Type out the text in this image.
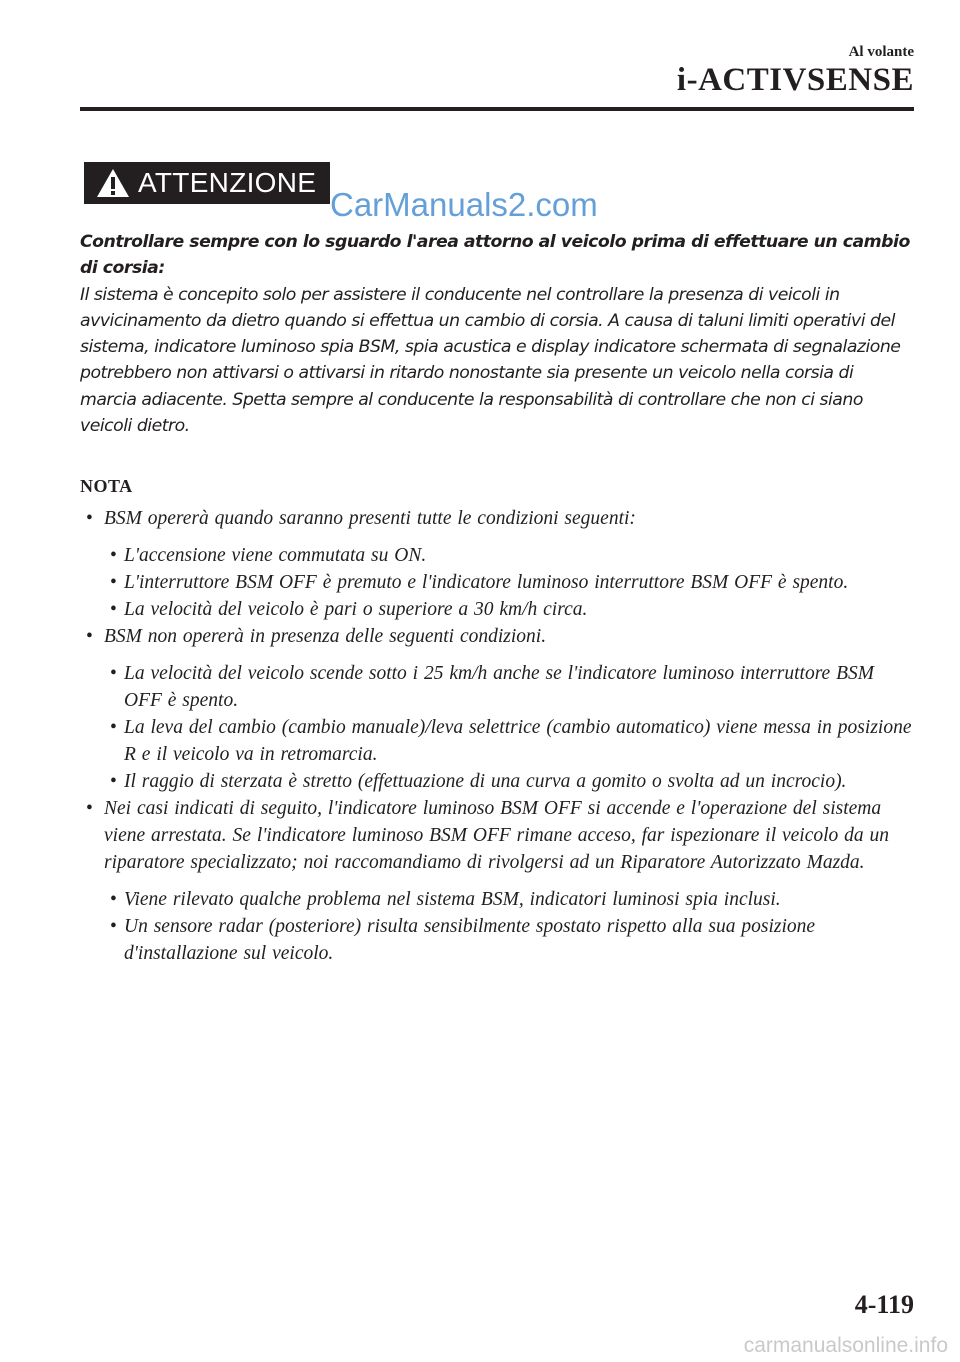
Al volante
i-ACTIVSENSE
ATTENZIONE
CarManuals2.com

Controllare sempre con lo sguardo l'area attorno al veicolo prima di effettuare un cambio di corsia:

Il sistema è concepito solo per assistere il conducente nel controllare la presenza di veicoli in avvicinamento da dietro quando si effettua un cambio di corsia. A causa di taluni limiti operativi del sistema, indicatore luminoso spia BSM, spia acustica e display indicatore schermata di segnalazione potrebbero non attivarsi o attivarsi in ritardo nonostante sia presente un veicolo nella corsia di marcia adiacente. Spetta sempre al conducente la responsabilità di controllare che non ci siano veicoli dietro.

NOTA
• BSM opererà quando saranno presenti tutte le condizioni seguenti:
• L'accensione viene commutata su ON.
• L'interruttore BSM OFF è premuto e l'indicatore luminoso interruttore BSM OFF è spento.
• La velocità del veicolo è pari o superiore a 30 km/h circa.
• BSM non opererà in presenza delle seguenti condizioni.
• La velocità del veicolo scende sotto i 25 km/h anche se l'indicatore luminoso interruttore BSM OFF è spento.
• La leva del cambio (cambio manuale)/leva selettrice (cambio automatico) viene messa in posizione R e il veicolo va in retromarcia.
• Il raggio di sterzata è stretto (effettuazione di una curva a gomito o svolta ad un incrocio).
• Nei casi indicati di seguito, l'indicatore luminoso BSM OFF si accende e l'operazione del sistema viene arrestata. Se l'indicatore luminoso BSM OFF rimane acceso, far ispezionare il veicolo da un riparatore specializzato; noi raccomandiamo di rivolgersi ad un Riparatore Autorizzato Mazda.
• Viene rilevato qualche problema nel sistema BSM, indicatori luminosi spia inclusi.
• Un sensore radar (posteriore) risulta sensibilmente spostato rispetto alla sua posizione d'installazione sul veicolo.
4-119
carmanualsonline.info
